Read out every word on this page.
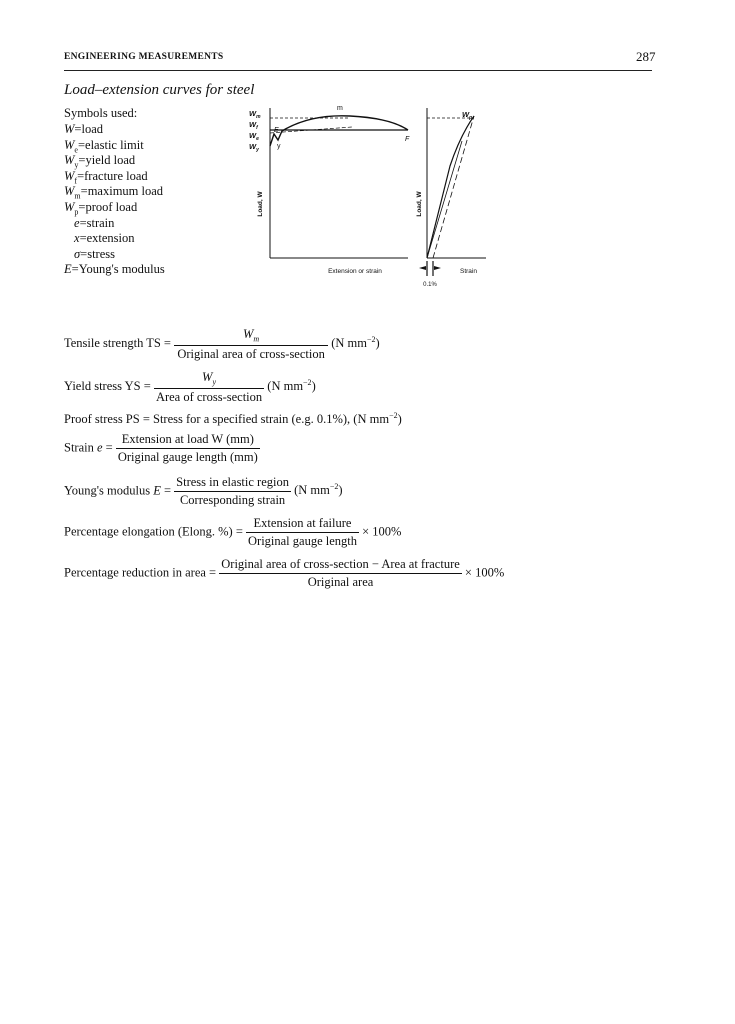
ENGINEERING MEASUREMENTS	287
Load–extension curves for steel
Symbols used:
W=load
$W_e=elastic$ limit
$W_y=yield$ load
$W_f=fracture$ load
$W_m=maximum$ load
$W_p=proof$ load
e=strain
x=extension
σ=stress
E=Young's modulus
$W_m$
$W_f$
$W_e$
$W_y$
m
E
y
F
Load, W
Extension or strain
$W_p$
Load, W
Strain
0.1%
Tensile strength TS = $\frac{W_m}{\text{Original area of cross-section}} (N$ $mm^{-2}$)
Yield stress YS = $\frac{W_y}{\text{Area of cross-section}} (N$ $mm^{-2}$)
Proof stress PS = Stress for a specified strain (e.g. 0.1%), (N $mm^{-2}$)
Strain $e = \frac{\text{Extension at load W (mm)}}{\text{Original gauge length (mm)}}$
Young's modulus $E = \frac{\text{Stress in elastic region}}{\text{Corresponding strain}} (N$ $mm^{-2}$)
Percentage elongation (Elong. %) = $\frac{\text{Extension at failure}}{\text{Original gauge length}} \times 100\%$
Percentage reduction in area = $\frac{\text{Original area of cross-section − Area at fracture}}{\text{Original area}} \times 100\%$
